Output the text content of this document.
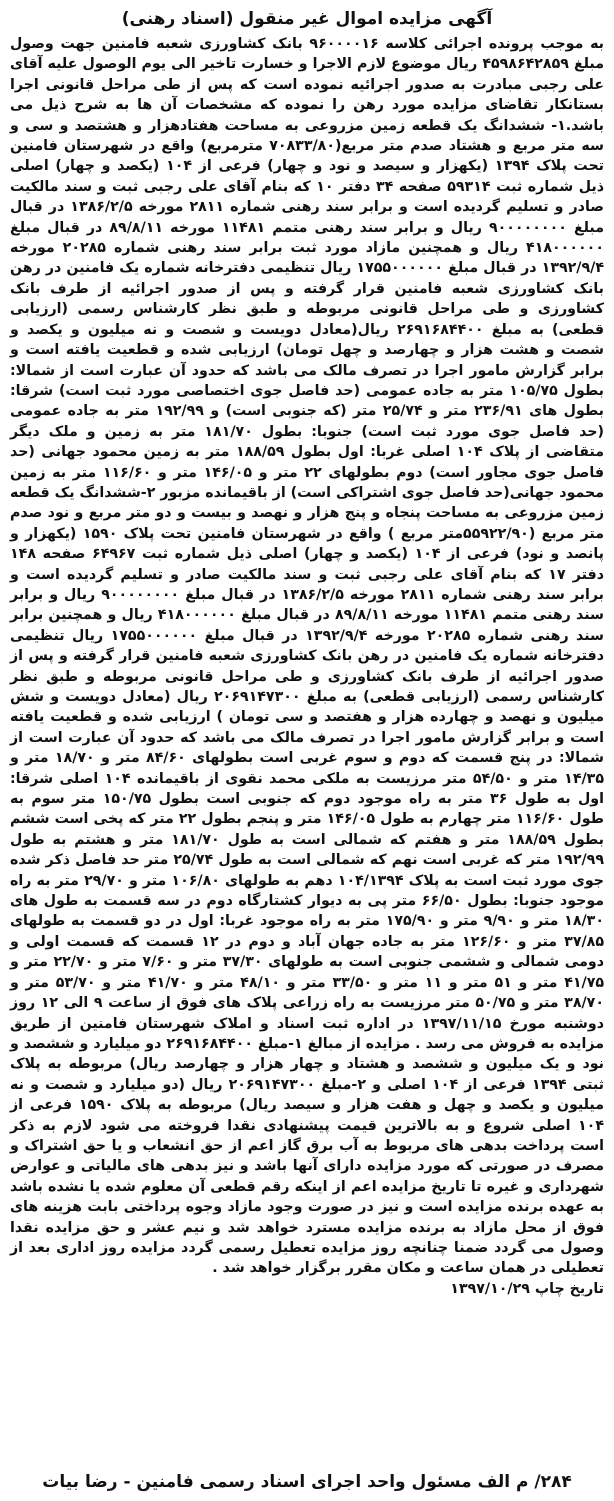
آگهی مزایده اموال غیر منقول (اسناد رهنی)

به موجب پرونده اجرائی کلاسه ۹۶۰۰۰۰۱۶ بانک کشاورزی شعبه فامنین جهت وصول مبلغ ۴۵۹۸۶۴۲۸۵۹ ریال موضوع لازم الاجرا و خسارت تاخیر الی یوم الوصول علیه آقای علی رجبی مبادرت به صدور اجرائیه نموده است که پس از طی مراحل قانونی اجرا بستانکار تقاضای مزایده مورد رهن را نموده که مشخصات آن ها به شرح ذیل می باشد.۱- ششدانگ یک قطعه زمین مزروعی به مساحت هفتادهزار و هشتصد و سی و سه متر مربع و هشتاد صدم متر مربع(۷۰۸۳۳/۸۰ مترمربع) واقع در شهرستان فامنین تحت پلاک ۱۳۹۴ (یکهزار و سیصد و نود و چهار) فرعی از ۱۰۴ (یکصد و چهار) اصلی ذیل شماره ثبت ۵۹۳۱۴ صفحه ۳۴ دفتر ۱۰ که بنام آقای علی رجبی ثبت و سند مالکیت صادر و تسلیم گردیده است و برابر سند رهنی شماره ۲۸۱۱ مورخه ۱۳۸۶/۲/۵ در قبال مبلغ ۹۰۰۰۰۰۰۰۰ ریال و برابر سند رهنی متمم ۱۱۴۸۱ مورخه ۸۹/۸/۱۱ در قبال مبلغ ۴۱۸۰۰۰۰۰۰ ریال و همچنین مازاد مورد ثبت برابر سند رهنی شماره ۲۰۲۸۵ مورخه ۱۳۹۲/۹/۴ در قبال مبلغ ۱۷۵۵۰۰۰۰۰۰ ریال تنظیمی دفترخانه شماره یک فامنین در رهن بانک کشاورزی شعبه فامنین قرار گرفته و پس از صدور اجرائیه از طرف بانک کشاورزی و طی مراحل قانونی مربوطه و طبق نظر کارشناس رسمی (ارزیابی قطعی) به مبلغ ۲۶۹۱۶۸۴۴۰۰ ریال(معادل دویست و شصت و نه میلیون و یکصد و شصت و هشت هزار و چهارصد و چهل تومان) ارزیابی شده و قطعیت یافته است و برابر گزارش مامور اجرا در تصرف مالک می باشد که حدود آن عبارت است از شمالا: بطول ۱۰۵/۷۵ متر به جاده عمومی (حد فاصل جوی اختصاصی مورد ثبت است) شرقا: بطول های ۲۳۶/۹۱ متر و ۲۵/۷۴ متر (که جنوبی است) و ۱۹۲/۹۹ متر به جاده عمومی (حد فاصل جوی مورد ثبت است) جنوبا: بطول ۱۸۱/۷۰ متر به زمین و ملک دیگر متقاضی از پلاک ۱۰۴ اصلی غربا: اول بطول ۱۸۸/۵۹ متر به زمین محمود جهانی (حد فاصل جوی مجاور است) دوم بطولهای ۲۲ متر و ۱۴۶/۰۵ متر و ۱۱۶/۶۰ متر به زمین محمود جهانی(حد فاصل جوی اشتراکی است) از باقیمانده مزبور ۲-ششدانگ یک قطعه زمین مزروعی به مساحت پنجاه و پنج هزار و نهصد و بیست و دو متر مربع و نود صدم متر مربع (۵۵۹۲۲/۹۰متر مربع ) واقع در شهرستان فامنین تحت پلاک ۱۵۹۰ (یکهزار و پانصد و نود) فرعی از ۱۰۴ (یکصد و چهار) اصلی ذیل شماره ثبت ۶۴۹۶۷ صفحه ۱۴۸ دفتر ۱۷ که بنام آقای علی رجبی ثبت و سند مالکیت صادر و تسلیم گردیده است و برابر سند رهنی شماره ۲۸۱۱ مورخه ۱۳۸۶/۲/۵ در قبال مبلغ ۹۰۰۰۰۰۰۰۰ ریال و برابر سند رهنی متمم ۱۱۴۸۱ مورخه ۸۹/۸/۱۱ در قبال مبلغ ۴۱۸۰۰۰۰۰۰ ریال و همچنین برابر سند رهنی شماره ۲۰۲۸۵ مورخه ۱۳۹۲/۹/۴ در قبال مبلغ ۱۷۵۵۰۰۰۰۰۰ ریال تنظیمی دفترخانه شماره یک فامنین در رهن بانک کشاورزی شعبه فامنین قرار گرفته و پس از صدور اجرائیه از طرف بانک کشاورزی و طی مراحل قانونی مربوطه و طبق نظر کارشناس رسمی (ارزیابی قطعی) به مبلغ ۲۰۶۹۱۴۷۳۰۰ ریال (معادل دویست و شش میلیون و نهصد و چهارده هزار و هفتصد و سی تومان ) ارزیابی شده و قطعیت یافته است و برابر گزارش مامور اجرا در تصرف مالک می باشد که حدود آن عبارت است از شمالا: در پنج قسمت که دوم و سوم غربی است بطولهای ۸۴/۶۰ متر و ۱۸/۷۰ متر و ۱۴/۳۵ متر و ۵۴/۵۰ متر مرزیست به ملکی محمد نقوی از باقیمانده ۱۰۴ اصلی شرقا: اول به طول ۳۶ متر به راه موجود دوم که جنوبی است بطول ۱۵۰/۷۵ متر سوم به طول ۱۱۶/۶۰ متر چهارم به طول ۱۴۶/۰۵ متر و پنجم بطول ۲۲ متر که پخی است ششم بطول ۱۸۸/۵۹ متر و هفتم که شمالی است به طول ۱۸۱/۷۰ متر و هشتم به طول ۱۹۲/۹۹ متر که غربی است نهم که شمالی است به طول ۲۵/۷۴ متر حد فاصل ذکر شده جوی مورد ثبت است به پلاک ۱۰۴/۱۳۹۴ دهم به طولهای ۱۰۶/۸۰ متر و ۲۹/۷۰ متر به راه موجود جنوبا: بطول ۶۶/۵۰ متر پی به دیوار کشتارگاه دوم در سه قسمت به طول های ۱۸/۳۰ متر و ۹/۹۰ متر و ۱۷۵/۹۰ متر به راه موجود غربا: اول در دو قسمت به طولهای ۳۷/۸۵ متر و ۱۲۶/۶۰ متر به جاده جهان آباد و دوم در ۱۲ قسمت که قسمت اولی و دومی شمالی و ششمی جنوبی است به طولهای ۳۷/۳۰ متر و ۷/۶۰ متر و ۲۲/۷۰ متر و ۴۱/۷۵ متر و ۵۱ متر و ۱۱ متر و ۳۳/۵۰ متر و ۴۸/۱۰ متر و ۴۱/۷۰ متر و ۵۳/۷۰ متر و ۳۸/۷۰ متر و ۵۰/۷۵ متر مرزیست به راه زراعی پلاک های فوق از ساعت ۹ الی ۱۲ روز دوشنبه مورخ ۱۳۹۷/۱۱/۱۵ در اداره ثبت اسناد و املاک شهرستان فامنین از طریق مزایده به فروش می رسد . مزایده از مبالغ ۱-مبلغ ۲۶۹۱۶۸۴۴۰۰ دو میلیارد و ششصد و نود و یک میلیون و ششصد و هشتاد و چهار هزار و چهارصد ریال) مربوطه به پلاک ثبتی ۱۳۹۴ فرعی از ۱۰۴ اصلی و ۲-مبلغ ۲۰۶۹۱۴۷۳۰۰ ریال (دو میلیارد و شصت و نه میلیون و یکصد و چهل و هفت هزار و سیصد ریال) مربوطه به پلاک ۱۵۹۰ فرعی از ۱۰۴ اصلی شروع و به بالاترین قیمت پیشنهادی نقدا فروخته می شود لازم به ذکر است پرداخت بدهی های مربوط به آب برق گاز اعم از حق انشعاب و یا حق اشتراک و مصرف در صورتی که مورد مزایده دارای آنها باشد و نیز بدهی های مالیاتی و عوارض شهرداری و غیره تا تاریخ مزایده اعم از اینکه رقم قطعی آن معلوم شده یا نشده باشد به عهده برنده مزایده است و نیز در صورت وجود مازاد وجوه پرداختی بابت هزینه های فوق از محل مازاد به برنده مزایده مسترد خواهد شد و نیم عشر و حق مزایده نقدا وصول می گردد ضمنا چنانچه روز مزایده تعطیل رسمی گردد مزایده روز اداری بعد از تعطیلی در همان ساعت و مکان مقرر برگزار خواهد شد .

تاریخ چاپ ۱۳۹۷/۱۰/۲۹
۲۸۴/ م الف مسئول واحد اجرای اسناد رسمی فامنین - رضا بیات
